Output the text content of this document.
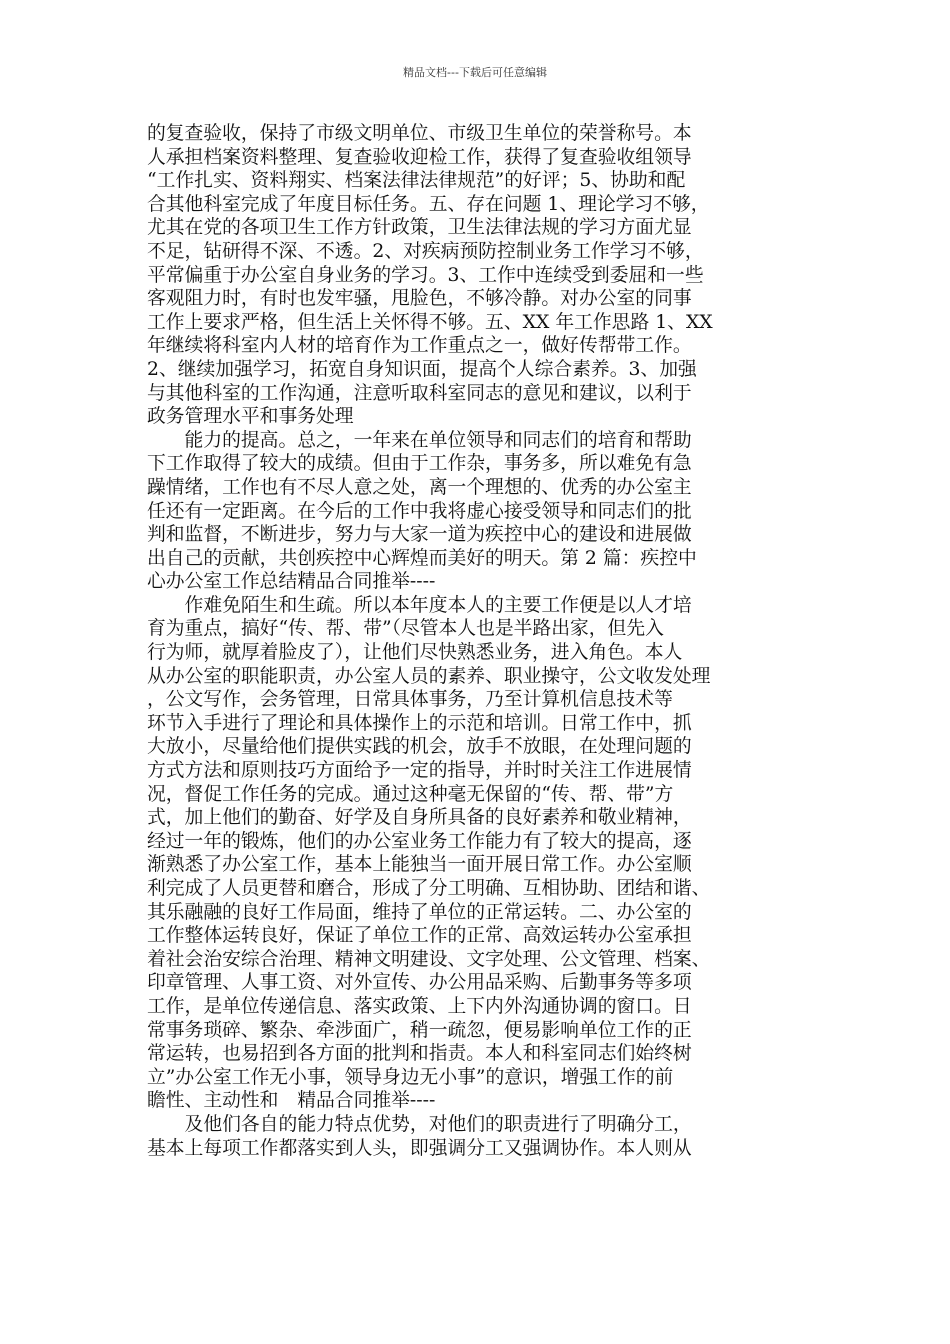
精品文档---下载后可任意编辑
的复查验收，保持了市级文明单位、市级卫生单位的荣誉称号。本
人承担档案资料整理、复查验收迎检工作，获得了复查验收组领导
“工作扎实、资料翔实、档案法律法律规范”的好评；5、协助和配
合其他科室完成了年度目标任务。五、存在问题 1、理论学习不够，
尤其在党的各项卫生工作方针政策，卫生法律法规的学习方面尤显
不足，钻研得不深、不透。2、对疾病预防控制业务工作学习不够，
平常偏重于办公室自身业务的学习。3、工作中连续受到委屈和一些
客观阻力时，有时也发牢骚，甩脸色，不够冷静。对办公室的同事
工作上要求严格，但生活上关怀得不够。五、XX 年工作思路 1、XX
年继续将科室内人材的培育作为工作重点之一，做好传帮带工作。
2、继续加强学习，拓宽自身知识面，提高个人综合素养。3、加强
与其他科室的工作沟通，注意听取科室同志的意见和建议，以利于
政务管理水平和事务处理
　　能力的提高。总之，一年来在单位领导和同志们的培育和帮助
下工作取得了较大的成绩。但由于工作杂，事务多，所以难免有急
躁情绪，工作也有不尽人意之处，离一个理想的、优秀的办公室主
任还有一定距离。在今后的工作中我将虚心接受领导和同志们的批
判和监督，不断进步，努力与大家一道为疾控中心的建设和进展做
出自己的贡献，共创疾控中心辉煌而美好的明天。第 2 篇：疾控中
心办公室工作总结精品合同推举----
　　作难免陌生和生疏。所以本年度本人的主要工作便是以人才培
育为重点，搞好“传、帮、带”（尽管本人也是半路出家，但先入
行为师，就厚着脸皮了），让他们尽快熟悉业务，进入角色。本人
从办公室的职能职责，办公室人员的素养、职业操守，公文收发处理
，公文写作，会务管理，日常具体事务，乃至计算机信息技术等
环节入手进行了理论和具体操作上的示范和培训。日常工作中，抓
大放小，尽量给他们提供实践的机会，放手不放眼，在处理问题的
方式方法和原则技巧方面给予一定的指导，并时时关注工作进展情
况，督促工作任务的完成。通过这种毫无保留的“传、帮、带”方
式，加上他们的勤奋、好学及自身所具备的良好素养和敬业精神，
经过一年的锻炼，他们的办公室业务工作能力有了较大的提高，逐
渐熟悉了办公室工作，基本上能独当一面开展日常工作。办公室顺
利完成了人员更替和磨合，形成了分工明确、互相协助、团结和谐、
其乐融融的良好工作局面，维持了单位的正常运转。二、办公室的
工作整体运转良好，保证了单位工作的正常、高效运转办公室承担
着社会治安综合治理、精神文明建设、文字处理、公文管理、档案、
印章管理、人事工资、对外宣传、办公用品采购、后勤事务等多项
工作，是单位传递信息、落实政策、上下内外沟通协调的窗口。日
常事务琐碎、繁杂、牵涉面广，稍一疏忽，便易影响单位工作的正
常运转，也易招到各方面的批判和指责。本人和科室同志们始终树
立”办公室工作无小事，领导身边无小事”的意识，增强工作的前
瞻性、主动性和　精品合同推举----
　　及他们各自的能力特点优势，对他们的职责进行了明确分工，
基本上每项工作都落实到人头，即强调分工又强调协作。本人则从
